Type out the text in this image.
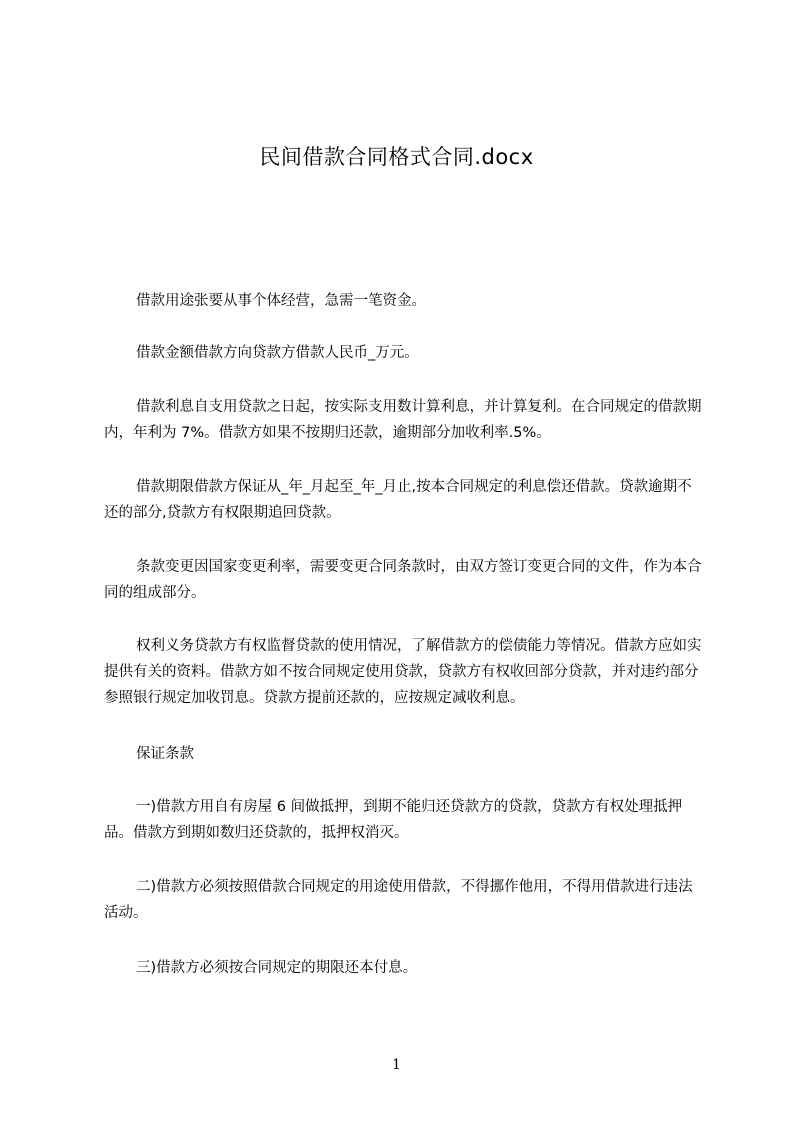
民间借款合同格式合同.docx

借款用途张要从事个体经营，急需一笔资金。

借款金额借款方向贷款方借款人民币_万元。

借款利息自支用贷款之日起，按实际支用数计算利息，并计算复利。在合同规定的借款期内，年利为 7%。借款方如果不按期归还款，逾期部分加收利率.5%。

借款期限借款方保证从_年_月起至_年_月止,按本合同规定的利息偿还借款。贷款逾期不还的部分,贷款方有权限期追回贷款。

条款变更因国家变更利率，需要变更合同条款时，由双方签订变更合同的文件，作为本合同的组成部分。

权利义务贷款方有权监督贷款的使用情况，了解借款方的偿债能力等情况。借款方应如实提供有关的资料。借款方如不按合同规定使用贷款，贷款方有权收回部分贷款，并对违约部分参照银行规定加收罚息。贷款方提前还款的，应按规定减收利息。

保证条款

一)借款方用自有房屋 6 间做抵押，到期不能归还贷款方的贷款，贷款方有权处理抵押品。借款方到期如数归还贷款的，抵押权消灭。

二)借款方必须按照借款合同规定的用途使用借款，不得挪作他用，不得用借款进行违法活动。

三)借款方必须按合同规定的期限还本付息。

1
